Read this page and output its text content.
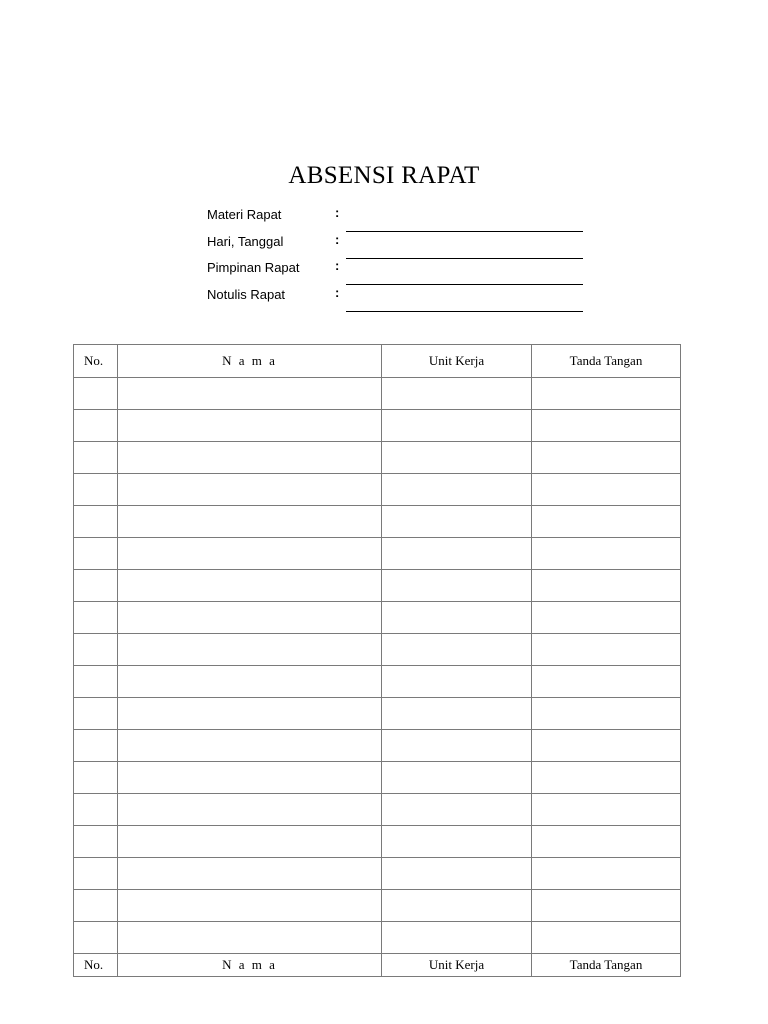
ABSENSI RAPAT
Materi Rapat	:
Hari, Tanggal	:
Pimpinan Rapat	:
Notulis Rapat	:
No.	N a m a	Unit Kerja	Tanda Tangan

No.	N a m a	Unit Kerja	Tanda Tangan
